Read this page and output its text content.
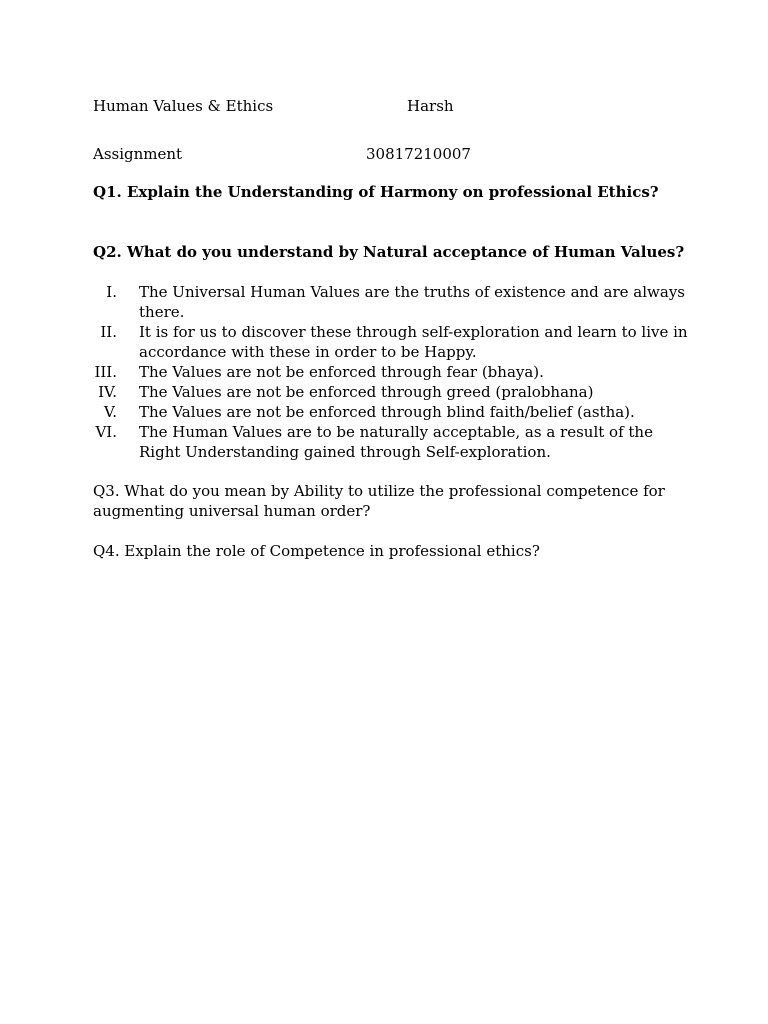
Human Values & Ethics	Harsh
Assignment	30817210007
Q1. Explain the Understanding of Harmony on professional Ethics?
Q2. What do you understand by Natural acceptance of Human Values?
I. The Universal Human Values are the truths of existence and are always there.
II. It is for us to discover these through self-exploration and learn to live in accordance with these in order to be Happy.
III. The Values are not be enforced through fear (bhaya).
IV. The Values are not be enforced through greed (pralobhana)
V. The Values are not be enforced through blind faith/belief (astha).
VI. The Human Values are to be naturally acceptable, as a result of the Right Understanding gained through Self-exploration.
Q3. What do you mean by Ability to utilize the professional competence for augmenting universal human order?
Q4. Explain the role of Competence in professional ethics?
